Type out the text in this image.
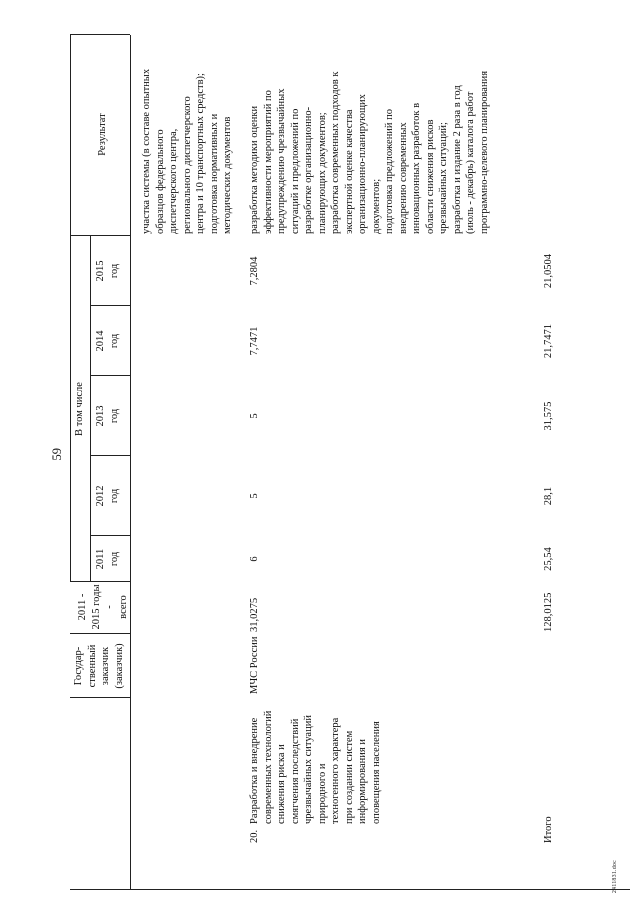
59
Государ-
ственный
заказчик
(заказчик)
2011 -
2015 годы -
всего
В том числе
2011
год
2012
год
2013
год
2014
год
2015
год
Результат
участка системы (в составе опытных
образцов федерального
диспетчерского центра,
регионального диспетчерского
центра и 10 транспортных средств);
подготовка нормативных и
методических документов
20.
Разработка и внедрение
современных технологий
снижения риска и
смягчения последствий
чрезвычайных ситуаций
природного и
техногенного характера
при создании систем
информирования и
оповещения населения
МЧС России
31,0275
6
5
5
7,7471
7,2804
разработка методики оценки
эффективности мероприятий по
предупреждению чрезвычайных
ситуаций и предложений по
разработке организационно-
планирующих документов;
разработка современных подходов к
экспертной оценке качества
организационно-планирующих
документов;
подготовка предложений по
внедрению современных
инновационных разработок в
области снижения рисков
чрезвычайных ситуаций;
разработка и издание 2 раза в год
(июль - декабрь) каталога работ
программно-целевого планирования
Итого
128,0125
25,54
28,1
31,575
21,7471
21,0504
2411831.doc
